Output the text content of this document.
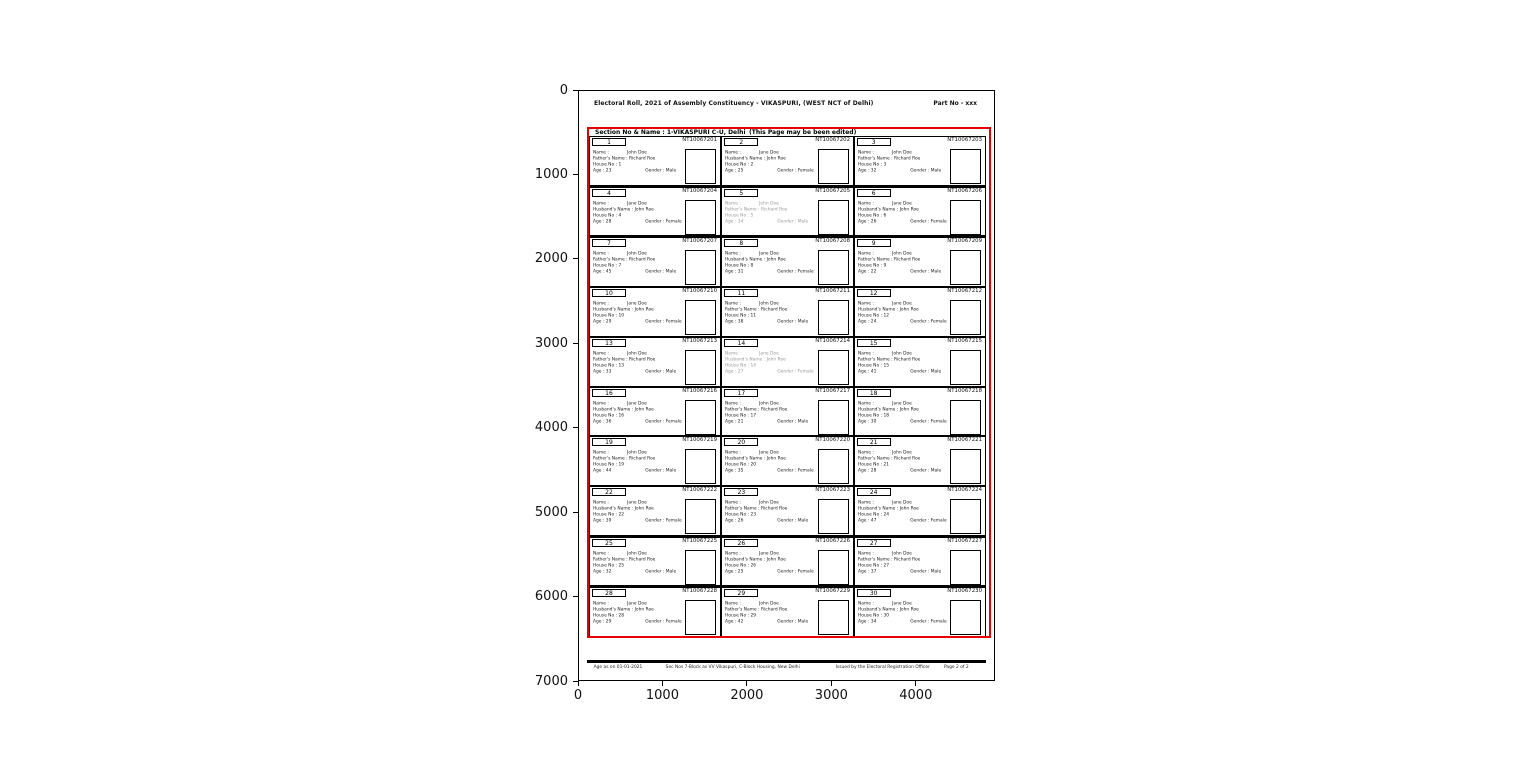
Electoral Roll, 2021 of Assembly Constituency - VIKASPURI, (WEST NCT of Delhi)	Part No - xxx
Section No & Name : 1-VIKASPURI C-U, Delhi (This Page may be been edited)
1	NT10067201
Name : John Doe
Father's Name : Richard Roe
House No : 1
Age : 23	Gender : Male
2	NT10067202
Name : Jane Doe
Husband's Name : John Roe
House No : 2
Age : 25	Gender : Female
3	NT10067203
Name : John Doe
Father's Name : Richard Roe
House No : 3
Age : 32	Gender : Male
4	NT10067204
Name : Jane Doe
Husband's Name : John Roe
House No : 4
Age : 28	Gender : Female
5	NT10067205
Name : John Doe
Father's Name : Richard Roe
House No : 5
Age : 34	Gender : Male
6	NT10067206
Name : Jane Doe
Husband's Name : John Roe
House No : 6
Age : 26	Gender : Female
7	NT10067207
Name : John Doe
Father's Name : Richard Roe
House No : 7
Age : 45	Gender : Male
8	NT10067208
Name : Jane Doe
Husband's Name : John Roe
House No : 8
Age : 31	Gender : Female
9	NT10067209
Name : John Doe
Father's Name : Richard Roe
House No : 9
Age : 22	Gender : Male
10	NT10067210
Name : Jane Doe
Husband's Name : John Roe
House No : 10
Age : 29	Gender : Female
11	NT10067211
Name : John Doe
Father's Name : Richard Roe
House No : 11
Age : 38	Gender : Male
12	NT10067212
Name : Jane Doe
Husband's Name : John Roe
House No : 12
Age : 24	Gender : Female
13	NT10067213
Name : John Doe
Father's Name : Richard Roe
House No : 13
Age : 33	Gender : Male
14	NT10067214
Name : Jane Doe
Husband's Name : John Roe
House No : 14
Age : 27	Gender : Female
15	NT10067215
Name : John Doe
Father's Name : Richard Roe
House No : 15
Age : 41	Gender : Male
16	NT10067216
Name : Jane Doe
Husband's Name : John Roe
House No : 16
Age : 36	Gender : Female
17	NT10067217
Name : John Doe
Father's Name : Richard Roe
House No : 17
Age : 21	Gender : Male
18	NT10067218
Name : Jane Doe
Husband's Name : John Roe
House No : 18
Age : 30	Gender : Female
19	NT10067219
Name : John Doe
Father's Name : Richard Roe
House No : 19
Age : 44	Gender : Male
20	NT10067220
Name : Jane Doe
Husband's Name : John Roe
House No : 20
Age : 35	Gender : Female
21	NT10067221
Name : John Doe
Father's Name : Richard Roe
House No : 21
Age : 28	Gender : Male
22	NT10067222
Name : Jane Doe
Husband's Name : John Roe
House No : 22
Age : 39	Gender : Female
23	NT10067223
Name : John Doe
Father's Name : Richard Roe
House No : 23
Age : 26	Gender : Male
24	NT10067224
Name : Jane Doe
Husband's Name : John Roe
House No : 24
Age : 47	Gender : Female
25	NT10067225
Name : John Doe
Father's Name : Richard Roe
House No : 25
Age : 32	Gender : Male
26	NT10067226
Name : Jane Doe
Husband's Name : John Roe
House No : 26
Age : 25	Gender : Female
27	NT10067227
Name : John Doe
Father's Name : Richard Roe
House No : 27
Age : 37	Gender : Male
28	NT10067228
Name : Jane Doe
Husband's Name : John Roe
House No : 28
Age : 29	Gender : Female
29	NT10067229
Name : John Doe
Father's Name : Richard Roe
House No : 29
Age : 42	Gender : Male
30	NT10067230
Name : Jane Doe
Husband's Name : John Roe
House No : 30
Age : 34	Gender : Female
Age as on 01-01-2021	Sec Nos 7-Block as VV Vikaspuri, C-Block Housing, New Delhi	Issued by the Electoral Registration Officer Page 2 of 2
0
1000
2000
3000
4000
5000
6000
7000
0	1000	2000	3000	4000
